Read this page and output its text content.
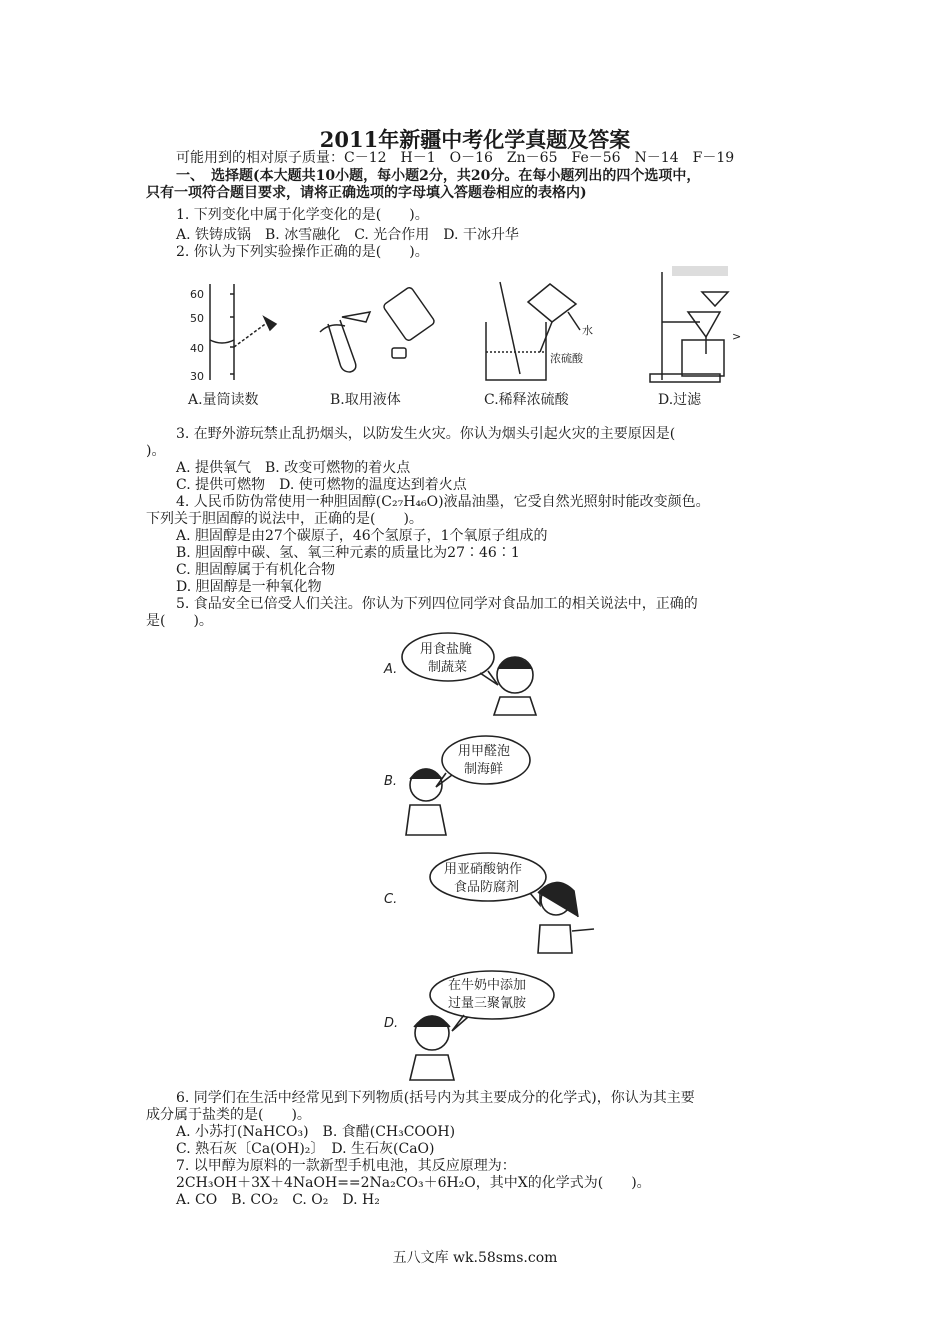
2011年新疆中考化学真题及答案
可能用到的相对原子质量：C－12　H－1　O－16　Zn－65　Fe－56　N－14　F－19
一、　选择题(本大题共10小题，每小题2分，共20分。在每小题列出的四个选项中，
只有一项符合题目要求，请将正确选项的字母填入答题卷相应的表格内)
1. 下列变化中属于化学变化的是(　　)。
A. 铁铸成锅　B. 冰雪融化　C. 光合作用　D. 干冰升华
2. 你认为下列实验操作正确的是(　　)。
60
50
40
30
水
浓硫酸
>
A.量筒读数	B.取用液体	C.稀释浓硫酸	D.过滤
3. 在野外游玩禁止乱扔烟头，以防发生火灾。你认为烟头引起火灾的主要原因是(
)。
A. 提供氧气　B. 改变可燃物的着火点
C. 提供可燃物　D. 使可燃物的温度达到着火点
4. 人民币防伪常使用一种胆固醇(C₂₇H₄₆O)液晶油墨，它受自然光照射时能改变颜色。
下列关于胆固醇的说法中，正确的是(　　)。
A. 胆固醇是由27个碳原子，46个氢原子，1个氧原子组成的
B. 胆固醇中碳、氢、氧三种元素的质量比为27∶46∶1
C. 胆固醇属于有机化合物
D. 胆固醇是一种氧化物
5. 食品安全已倍受人们关注。你认为下列四位同学对食品加工的相关说法中，正确的
是(　　)。
A.
用食盐腌
制蔬菜
B.
用甲醛泡
制海鲜
C.
用亚硝酸钠作
食品防腐剂
D.
在牛奶中添加
过量三聚氰胺
6. 同学们在生活中经常见到下列物质(括号内为其主要成分的化学式)，你认为其主要
成分属于盐类的是(　　)。
A. 小苏打(NaHCO₃)　B. 食醋(CH₃COOH)
C. 熟石灰〔Ca(OH)₂〕　D. 生石灰(CaO)
7. 以甲醇为原料的一款新型手机电池，其反应原理为：
2CH₃OH＋3X＋4NaOH==2Na₂CO₃＋6H₂O，其中X的化学式为(　　)。
A. CO　B. CO₂　C. O₂　D. H₂
五八文库 wk.58sms.com
